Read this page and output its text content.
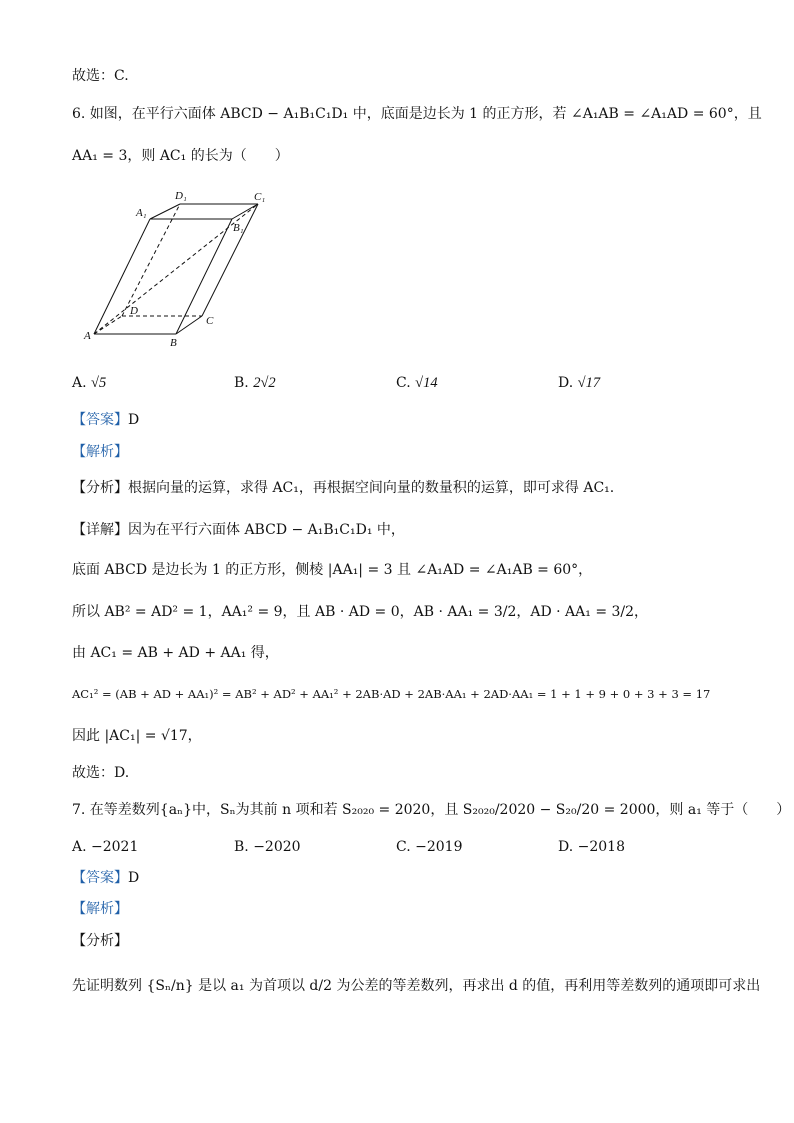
故选：C.
6. 如图，在平行六面体 ABCD − A₁B₁C₁D₁ 中，底面是边长为 1 的正方形，若 ∠A₁AB = ∠A₁AD = 60°，且
AA₁ = 3，则 AC₁ 的长为（　　）
A
B
C
D
A₁
B₁
C₁
D₁
A. √5	B. 2√2	C. √14	D. √17
【答案】D
【解析】
【分析】根据向量的运算，求得 AC₁，再根据空间向量的数量积的运算，即可求得 AC₁.
【详解】因为在平行六面体 ABCD − A₁B₁C₁D₁ 中，
底面 ABCD 是边长为 1 的正方形，侧棱 |AA₁| = 3 且 ∠A₁AD = ∠A₁AB = 60°，
所以 AB² = AD² = 1，AA₁² = 9，且 AB · AD = 0，AB · AA₁ = 3/2，AD · AA₁ = 3/2，
由 AC₁ = AB + AD + AA₁ 得，
AC₁² = (AB + AD + AA₁)² = AB² + AD² + AA₁² + 2AB·AD + 2AB·AA₁ + 2AD·AA₁ = 1 + 1 + 9 + 0 + 3 + 3 = 17
因此 |AC₁| = √17，
故选：D.
7. 在等差数列{aₙ}中，Sₙ为其前 n 项和若 S₂₀₂₀ = 2020，且 S₂₀₂₀/2020 − S₂₀/20 = 2000，则 a₁ 等于（　　）
A. −2021	B. −2020	C. −2019	D. −2018
【答案】D
【解析】
【分析】
先证明数列 {Sₙ/n} 是以 a₁ 为首项以 d/2 为公差的等差数列，再求出 d 的值，再利用等差数列的通项即可求出
